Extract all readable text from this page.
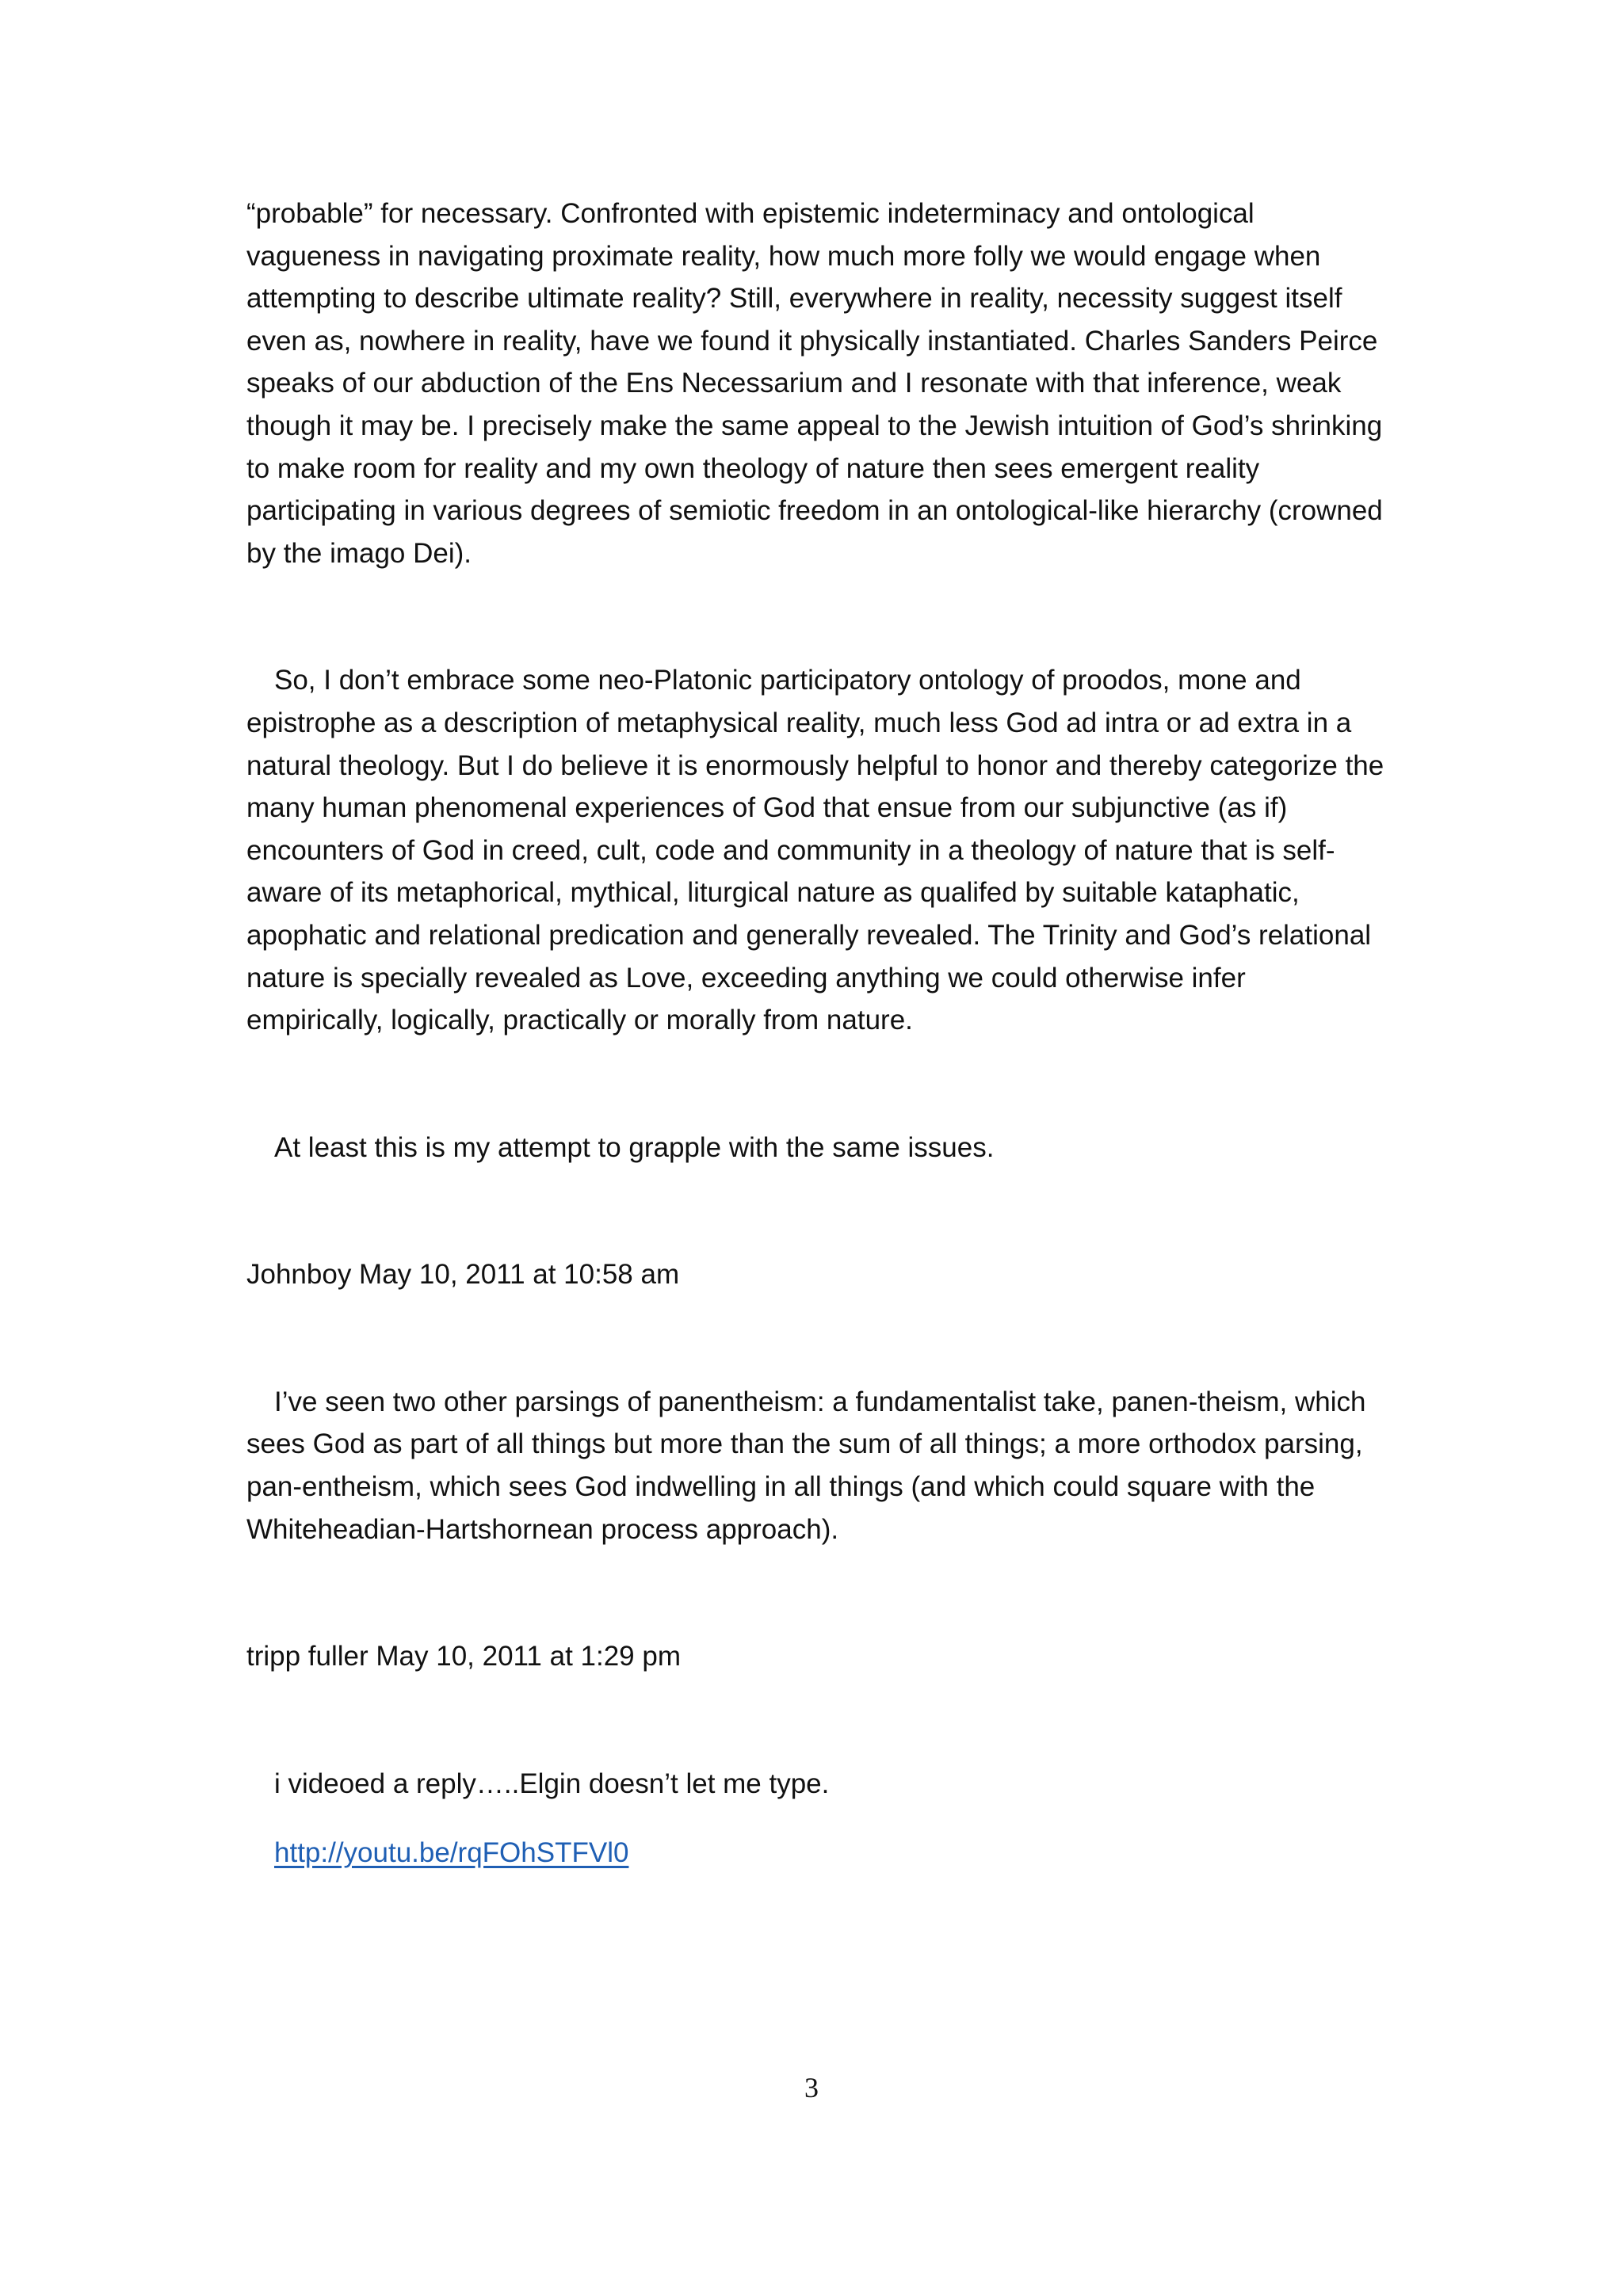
“probable” for necessary. Confronted with epistemic indeterminacy and ontological vagueness in navigating proximate reality, how much more folly we would engage when attempting to describe ultimate reality? Still, everywhere in reality, necessity suggest itself even as, nowhere in reality, have we found it physically instantiated. Charles Sanders Peirce speaks of our abduction of the Ens Necessarium and I resonate with that inference, weak though it may be. I precisely make the same appeal to the Jewish intuition of God’s shrinking to make room for reality and my own theology of nature then sees emergent reality participating in various degrees of semiotic freedom in an ontological-like hierarchy (crowned by the imago Dei).

So, I don’t embrace some neo-Platonic participatory ontology of proodos, mone and epistrophe as a description of metaphysical reality, much less God ad intra or ad extra in a natural theology. But I do believe it is enormously helpful to honor and thereby categorize the many human phenomenal experiences of God that ensue from our subjunctive (as if) encounters of God in creed, cult, code and community in a theology of nature that is self-aware of its metaphorical, mythical, liturgical nature as qualifed by suitable kataphatic, apophatic and relational predication and generally revealed. The Trinity and God’s relational nature is specially revealed as Love, exceeding anything we could otherwise infer empirically, logically, practically or morally from nature.

At least this is my attempt to grapple with the same issues.

Johnboy May 10, 2011 at 10:58 am

I’ve seen two other parsings of panentheism: a fundamentalist take, panen-theism, which sees God as part of all things but more than the sum of all things; a more orthodox parsing, pan-entheism, which sees God indwelling in all things (and which could square with the Whiteheadian-Hartshornean process approach).

tripp fuller May 10, 2011 at 1:29 pm

i videoed a reply…..Elgin doesn’t let me type.

http://youtu.be/rqFOhSTFVl0

3
